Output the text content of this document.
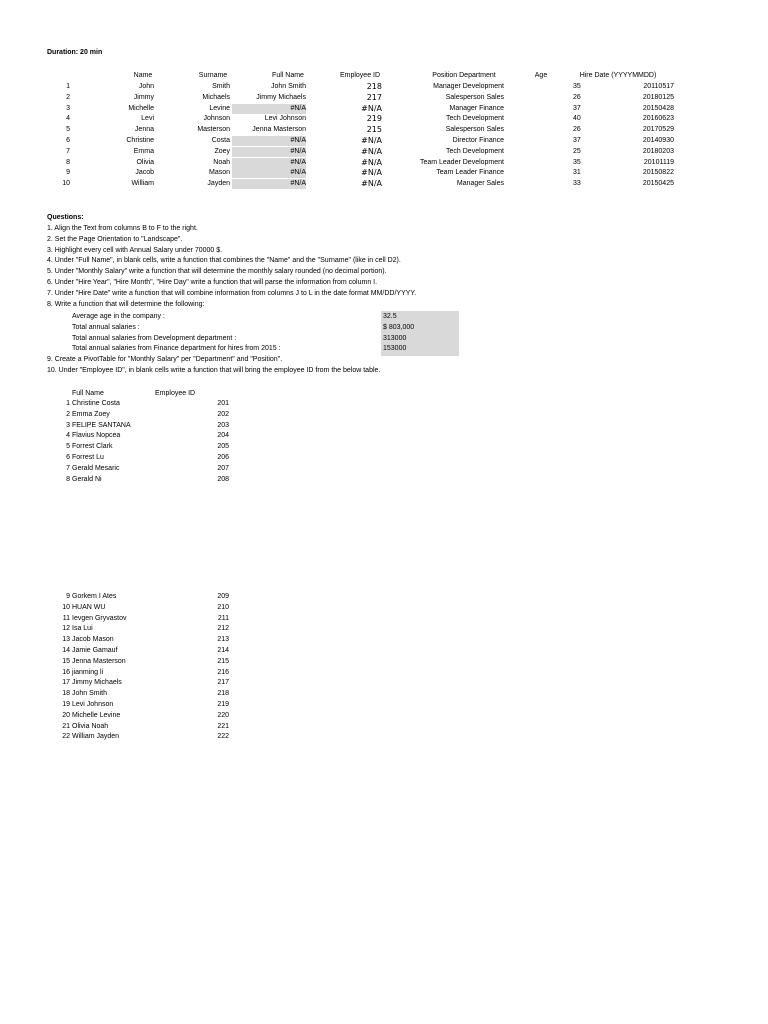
Duration: 20 min
Name	Surname	Full Name	Employee ID	Position Department	Age	Hire Date (YYYYMMDD)
1	John	Smith	John Smith	218	Manager Development	35	20110517
2	Jimmy	Michaels	Jimmy Michaels	217	Salesperson Sales	26	20180125
3	Michelle	Levine	#N/A	#N/A	Manager Finance	37	20150428
4	Levi	Johnson	Levi Johnson	219	Tech Development	40	20160623
5	Jenna	Masterson	Jenna Masterson	215	Salesperson Sales	26	20170529
6	Christine	Costa	#N/A	#N/A	Director Finance	37	20140930
7	Emma	Zoey	#N/A	#N/A	Tech Development	25	20180203
8	Olivia	Noah	#N/A	#N/A	Team Leader Development	35	20101119
9	Jacob	Mason	#N/A	#N/A	Team Leader Finance	31	20150822
10	William	Jayden	#N/A	#N/A	Manager Sales	33	20150425
Questions:
1. Align the Text from columns B to F to the right.
2. Set the Page Orientation to "Landscape".
3. Highlight every cell with Annual Salary under 70000 $.
4. Under "Full Name", in blank cells, write a function that combines the "Name" and the "Surname" (like in cell D2).
5. Under "Monthly Salary" write a function that will determine the monthly salary rounded (no decimal portion).
6. Under "Hire Year", "Hire Month", "Hire Day" write a function that will parse the information from column I.
7. Under "Hire Date" write a function that will combine information from columns J to L in the date format MM/DD/YYYY.
8. Write a function that will determine the following:
Average age in the company :	32.5
Total annual salaries :	$ 803,000
Total annual salaries from Development department :	313000
Total annual salaries from Finance department for hires from 2015 :	153000
9. Create a PivotTable for "Monthly Salary" per "Department" and "Position".
10. Under "Employee ID", in blank cells write a function that will bring the employee ID from the below table.
Full Name	Employee ID
1 Christine Costa	201
2 Emma Zoey	202
3 FELIPE SANTANA	203
4 Flavius Nopcea	204
5 Forrest Clark	205
6 Forrest Lu	206
7 Gerald Mesaric	207
8 Gerald Ni	208
9 Gorkem I Ates	209
10 HUAN WU	210
11 Ievgen Gryvastov	211
12 Isa Lui	212
13 Jacob Mason	213
14 Jamie Gamauf	214
15 Jenna Masterson	215
16 jianming li	216
17 Jimmy Michaels	217
18 John Smith	218
19 Levi Johnson	219
20 Michelle Levine	220
21 Olivia Noah	221
22 William Jayden	222
